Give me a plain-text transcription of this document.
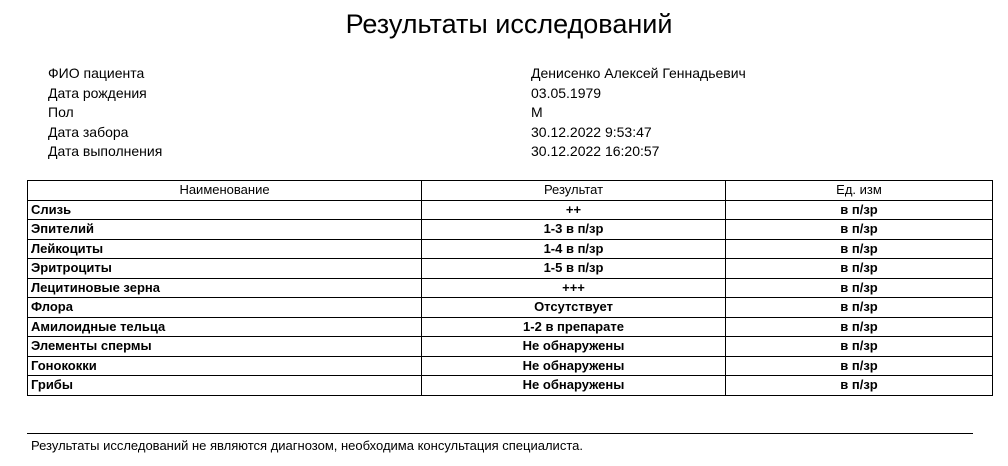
Результаты исследований
ФИО пациента	Денисенко Алексей Геннадьевич
Дата рождения	03.05.1979
Пол	М
Дата забора	30.12.2022 9:53:47
Дата выполнения	30.12.2022 16:20:57
Наименование	Результат	Ед. изм
Слизь	++	в п/зр
Эпителий	1-3 в п/зр	в п/зр
Лейкоциты	1-4 в п/зр	в п/зр
Эритроциты	1-5 в п/зр	в п/зр
Лецитиновые зерна	+++	в п/зр
Флора	Отсутствует	в п/зр
Амилоидные тельца	1-2 в препарате	в п/зр
Элементы спермы	Не обнаружены	в п/зр
Гонококки	Не обнаружены	в п/зр
Грибы	Не обнаружены	в п/зр
Результаты исследований не являются диагнозом, необходима консультация специалиста.
